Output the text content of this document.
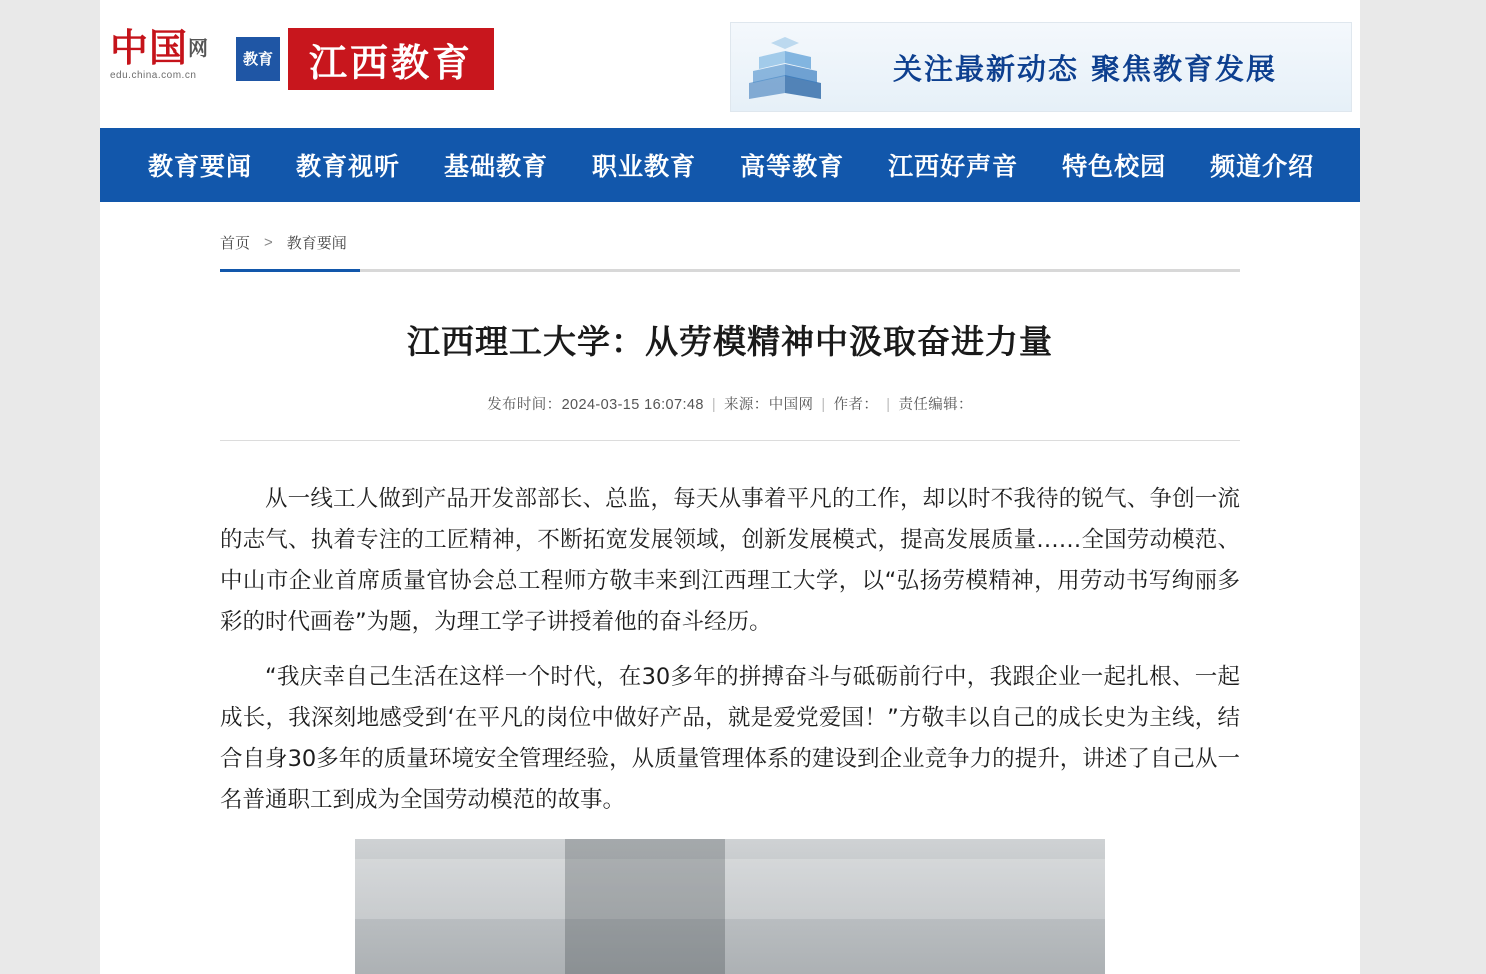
中国网
edu.china.com.cn
教育 江西教育	关注最新动态 聚焦教育发展
教育要闻	教育视听	基础教育	职业教育	高等教育	江西好声音	特色校园	频道介绍
首页 > 教育要闻
江西理工大学：从劳模精神中汲取奋进力量
发布时间：2024-03-15 16:07:48 | 来源：中国网 | 作者： | 责任编辑：

从一线工人做到产品开发部部长、总监，每天从事着平凡的工作，却以时不我待的锐气、争创一流的志气、执着专注的工匠精神，不断拓宽发展领域，创新发展模式，提高发展质量……全国劳动模范、中山市企业首席质量官协会总工程师方敬丰来到江西理工大学，以“弘扬劳模精神，用劳动书写绚丽多彩的时代画卷”为题，为理工学子讲授着他的奋斗经历。

“我庆幸自己生活在这样一个时代，在30多年的拼搏奋斗与砥砺前行中，我跟企业一起扎根、一起成长，我深刻地感受到‘在平凡的岗位中做好产品，就是爱党爱国！”方敬丰以自己的成长史为主线，结合自身30多年的质量环境安全管理经验，从质量管理体系的建设到企业竞争力的提升，讲述了自己从一名普通职工到成为全国劳动模范的故事。
